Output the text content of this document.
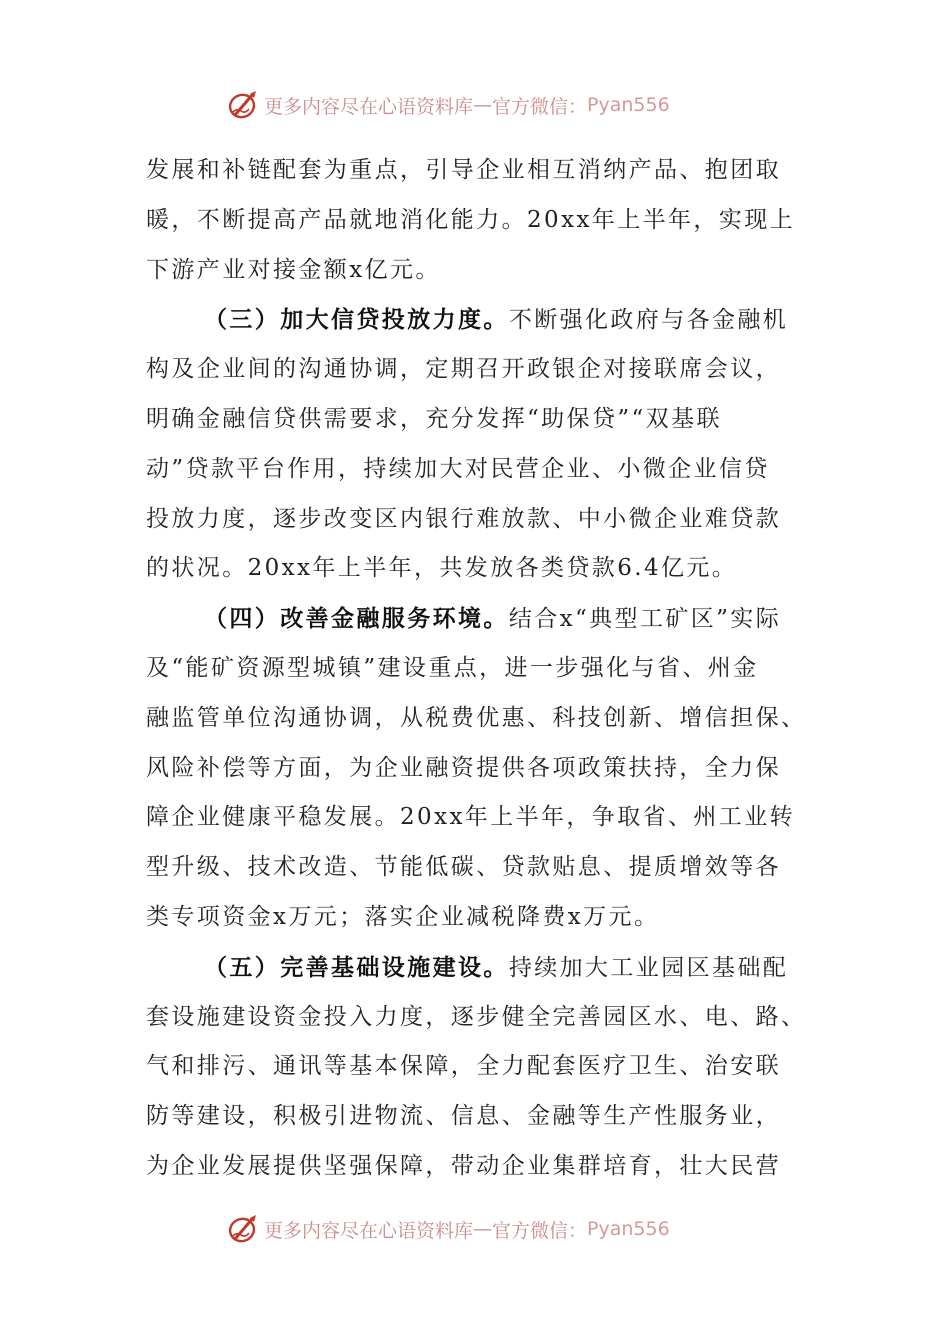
更多内容尽在心语资料库 — 官方微信： Pyan556
发展和补链配套为重点，引导企业相互消纳产品、抱团取
暖，不断提高产品就地消化能力。20xx年上半年，实现上
下游产业对接金额x亿元。
（三）加大信贷投放力度。不断强化政府与各金融机
构及企业间的沟通协调，定期召开政银企对接联席会议，
明确金融信贷供需要求，充分发挥“助保贷”“双基联
动”贷款平台作用，持续加大对民营企业、小微企业信贷
投放力度，逐步改变区内银行难放款、中小微企业难贷款
的状况。20xx年上半年，共发放各类贷款6.4亿元。
（四）改善金融服务环境。结合x“典型工矿区”实际
及“能矿资源型城镇”建设重点，进一步强化与省、州金
融监管单位沟通协调，从税费优惠、科技创新、增信担保、
风险补偿等方面，为企业融资提供各项政策扶持，全力保
障企业健康平稳发展。20xx年上半年，争取省、州工业转
型升级、技术改造、节能低碳、贷款贴息、提质增效等各
类专项资金x万元；落实企业减税降费x万元。
（五）完善基础设施建设。持续加大工业园区基础配
套设施建设资金投入力度，逐步健全完善园区水、电、路、
气和排污、通讯等基本保障，全力配套医疗卫生、治安联
防等建设，积极引进物流、信息、金融等生产性服务业，
为企业发展提供坚强保障，带动企业集群培育，壮大民营
更多内容尽在心语资料库 — 官方微信： Pyan556
